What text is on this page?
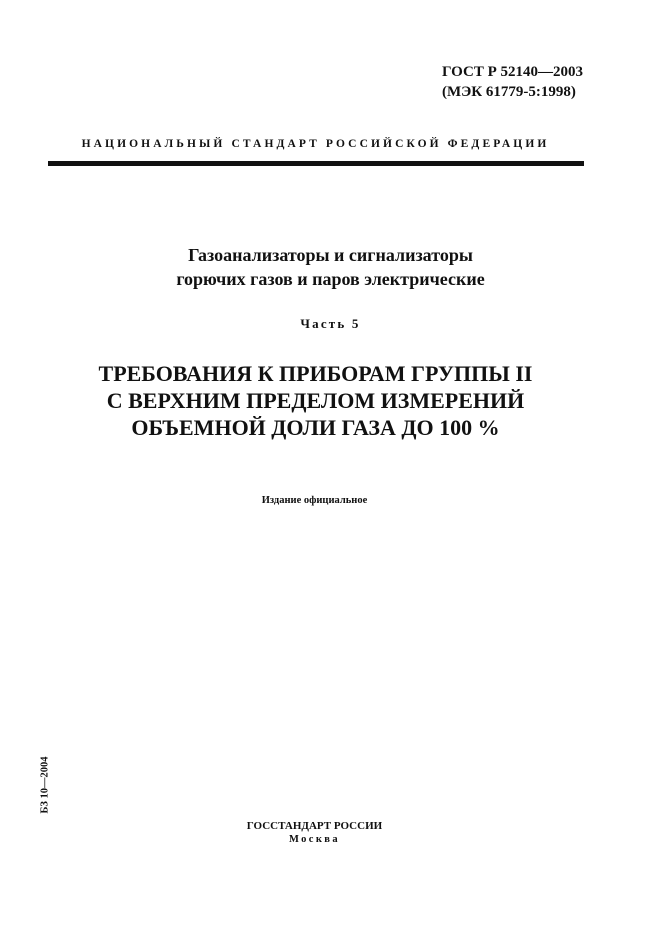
ГОСТ Р 52140—2003
(МЭК 61779-5:1998)
НАЦИОНАЛЬНЫЙ СТАНДАРТ РОССИЙСКОЙ ФЕДЕРАЦИИ
Газоанализаторы и сигнализаторы
горючих газов и паров электрические
Часть 5
ТРЕБОВАНИЯ К ПРИБОРАМ ГРУППЫ II
С ВЕРХНИМ ПРЕДЕЛОМ ИЗМЕРЕНИЙ
ОБЪЕМНОЙ ДОЛИ ГАЗА ДО 100 %
Издание официальное
БЗ 10—2004
ГОССТАНДАРТ РОССИИ
Москва
